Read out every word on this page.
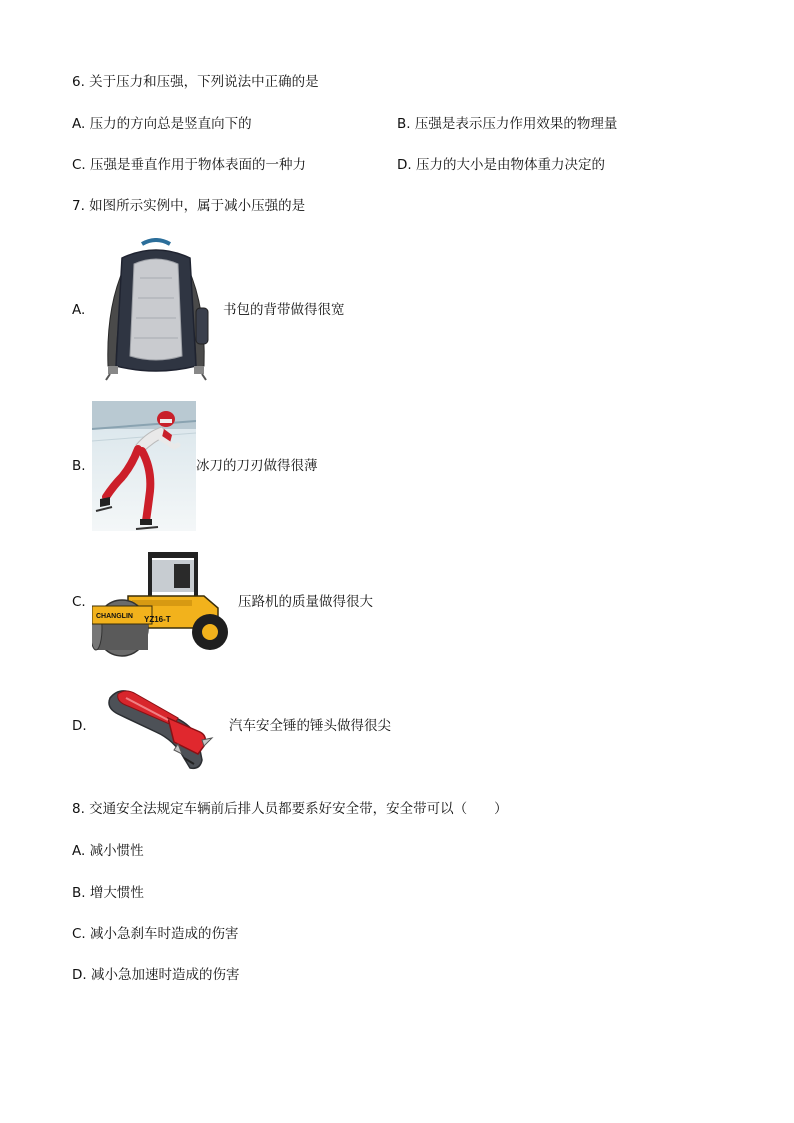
6. 关于压力和压强，下列说法中正确的是
A. 压力的方向总是竖直向下的	B. 压强是表示压力作用效果的物理量
C. 压强是垂直作用于物体表面的一种力	D. 压力的大小是由物体重力决定的
7. 如图所示实例中，属于减小压强的是
A.	书包的背带做得很宽
B.	冰刀的刀刃做得很薄
C.
CHANGLIN YZ16-T
压路机的质量做得很大
D.	汽车安全锤的锤头做得很尖
8. 交通安全法规定车辆前后排人员都要系好安全带，安全带可以（　　）
A. 减小惯性
B. 增大惯性
C. 减小急刹车时造成的伤害
D. 减小急加速时造成的伤害
